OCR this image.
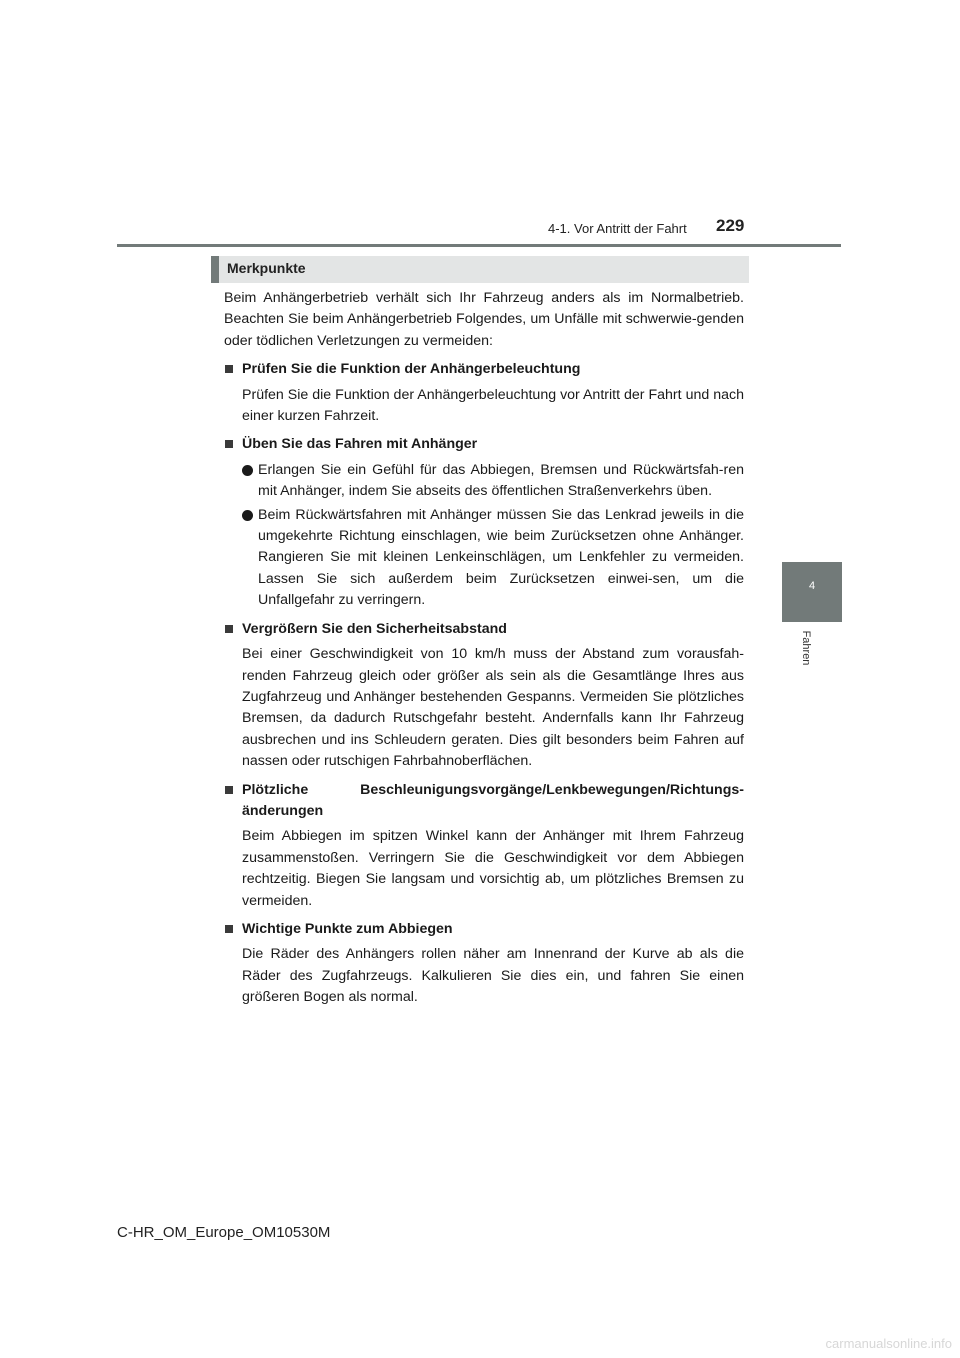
4-1. Vor Antritt der Fahrt 229
4
Fahren
Merkpunkte

Beim Anhängerbetrieb verhält sich Ihr Fahrzeug anders als im Normalbetrieb. Beachten Sie beim Anhängerbetrieb Folgendes, um Unfälle mit schwerwie-genden oder tödlichen Verletzungen zu vermeiden:

Prüfen Sie die Funktion der Anhängerbeleuchtung

Prüfen Sie die Funktion der Anhängerbeleuchtung vor Antritt der Fahrt und nach einer kurzen Fahrzeit.

Üben Sie das Fahren mit Anhänger

Erlangen Sie ein Gefühl für das Abbiegen, Bremsen und Rückwärtsfah-ren mit Anhänger, indem Sie abseits des öffentlichen Straßenverkehrs üben.

Beim Rückwärtsfahren mit Anhänger müssen Sie das Lenkrad jeweils in die umgekehrte Richtung einschlagen, wie beim Zurücksetzen ohne Anhänger. Rangieren Sie mit kleinen Lenkeinschlägen, um Lenkfehler zu vermeiden. Lassen Sie sich außerdem beim Zurücksetzen einwei-sen, um die Unfallgefahr zu verringern.

Vergrößern Sie den Sicherheitsabstand

Bei einer Geschwindigkeit von 10 km/h muss der Abstand zum vorausfah-renden Fahrzeug gleich oder größer als sein als die Gesamtlänge Ihres aus Zugfahrzeug und Anhänger bestehenden Gespanns. Vermeiden Sie plötzliches Bremsen, da dadurch Rutschgefahr besteht. Andernfalls kann Ihr Fahrzeug ausbrechen und ins Schleudern geraten. Dies gilt besonders beim Fahren auf nassen oder rutschigen Fahrbahnoberflächen.

Plötzliche Beschleunigungsvorgänge/Lenkbewegungen/Richtungs-

änderungen

Beim Abbiegen im spitzen Winkel kann der Anhänger mit Ihrem Fahrzeug zusammenstoßen. Verringern Sie die Geschwindigkeit vor dem Abbiegen rechtzeitig. Biegen Sie langsam und vorsichtig ab, um plötzliches Bremsen zu vermeiden.

Wichtige Punkte zum Abbiegen

Die Räder des Anhängers rollen näher am Innenrand der Kurve ab als die Räder des Zugfahrzeugs. Kalkulieren Sie dies ein, und fahren Sie einen größeren Bogen als normal.

C-HR_OM_Europe_OM10530M
carmanualsonline.info
